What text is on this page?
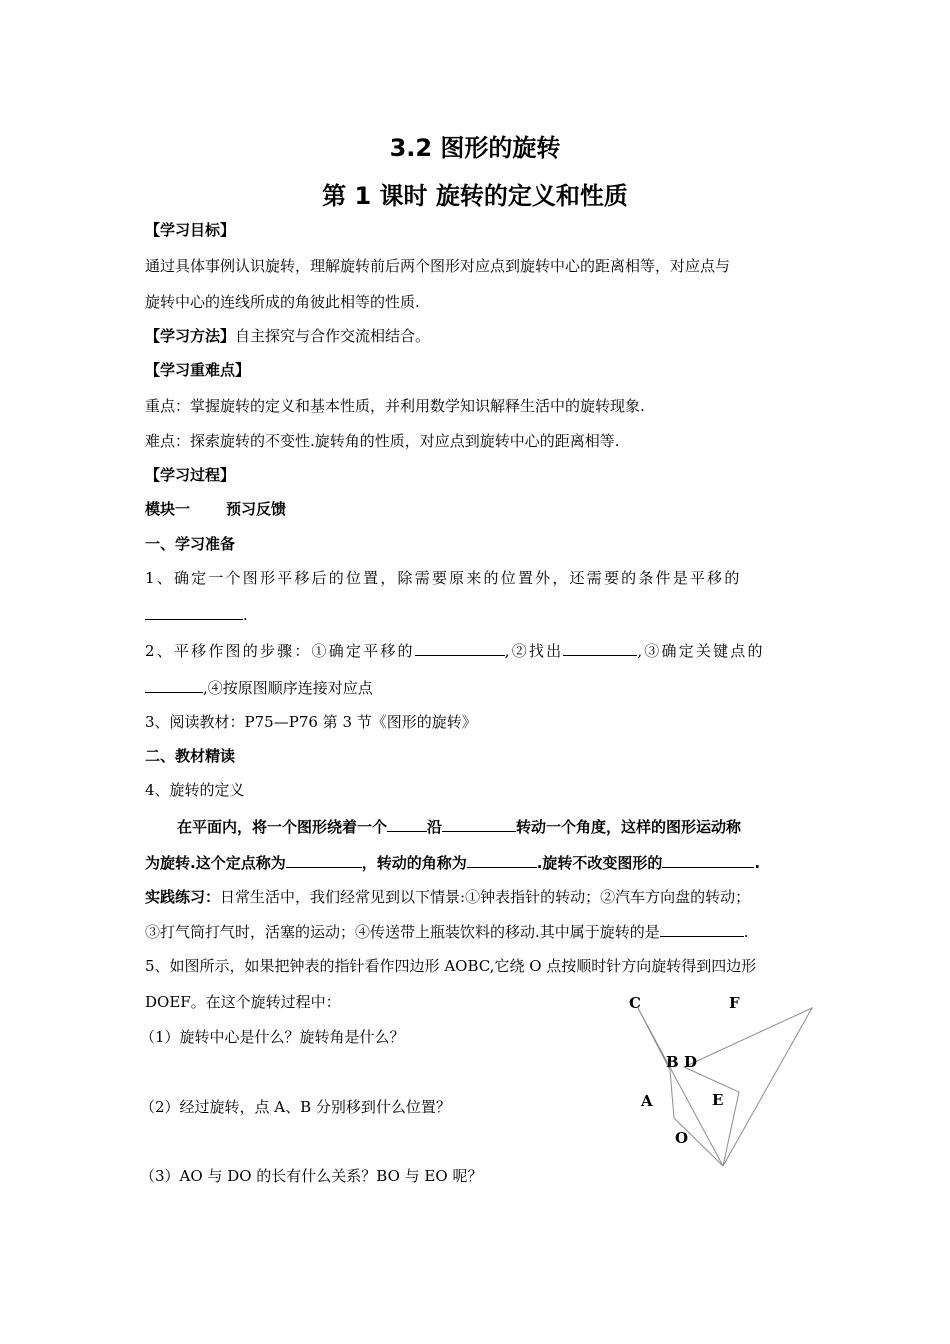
3.2 图形的旋转
第 1 课时 旋转的定义和性质
【学习目标】
通过具体事例认识旋转，理解旋转前后两个图形对应点到旋转中心的距离相等，对应点与
旋转中心的连线所成的角彼此相等的性质.
【学习方法】自主探究与合作交流相结合。
【学习重难点】
重点：掌握旋转的定义和基本性质，并利用数学知识解释生活中的旋转现象.
难点：探索旋转的不变性.旋转角的性质，对应点到旋转中心的距离相等.
【学习过程】
模块一 预习反馈
一、学习准备
1、确定一个图形平移后的位置，除需要原来的位置外，还需要的条件是平移的
.
2、平移作图的步骤：①确定平移的	,②找出	,③确定关键点的
,④按原图顺序连接对应点
3、阅读教材：P75—P76 第 3 节《图形的旋转》
二、教材精读
4、旋转的定义
在平面内，将一个图形绕着一个	沿	转动一个角度，这样的图形运动称
为旋转.这个定点称为	，转动的角称为	.旋转不改变图形的	.
实践练习：日常生活中，我们经常见到以下情景:①钟表指针的转动；②汽车方向盘的转动；
③打气筒打气时，活塞的运动；④传送带上瓶装饮料的移动.其中属于旋转的是	.
5、如图所示，如果把钟表的指针看作四边形 AOBC,它绕 O 点按顺时针方向旋转得到四边形
DOEF。在这个旋转过程中：
（1）旋转中心是什么？旋转角是什么？
（2）经过旋转，点 A、B 分别移到什么位置？
（3）AO 与 DO 的长有什么关系？BO 与 EO 呢？
C	F
B D
A	E
O
